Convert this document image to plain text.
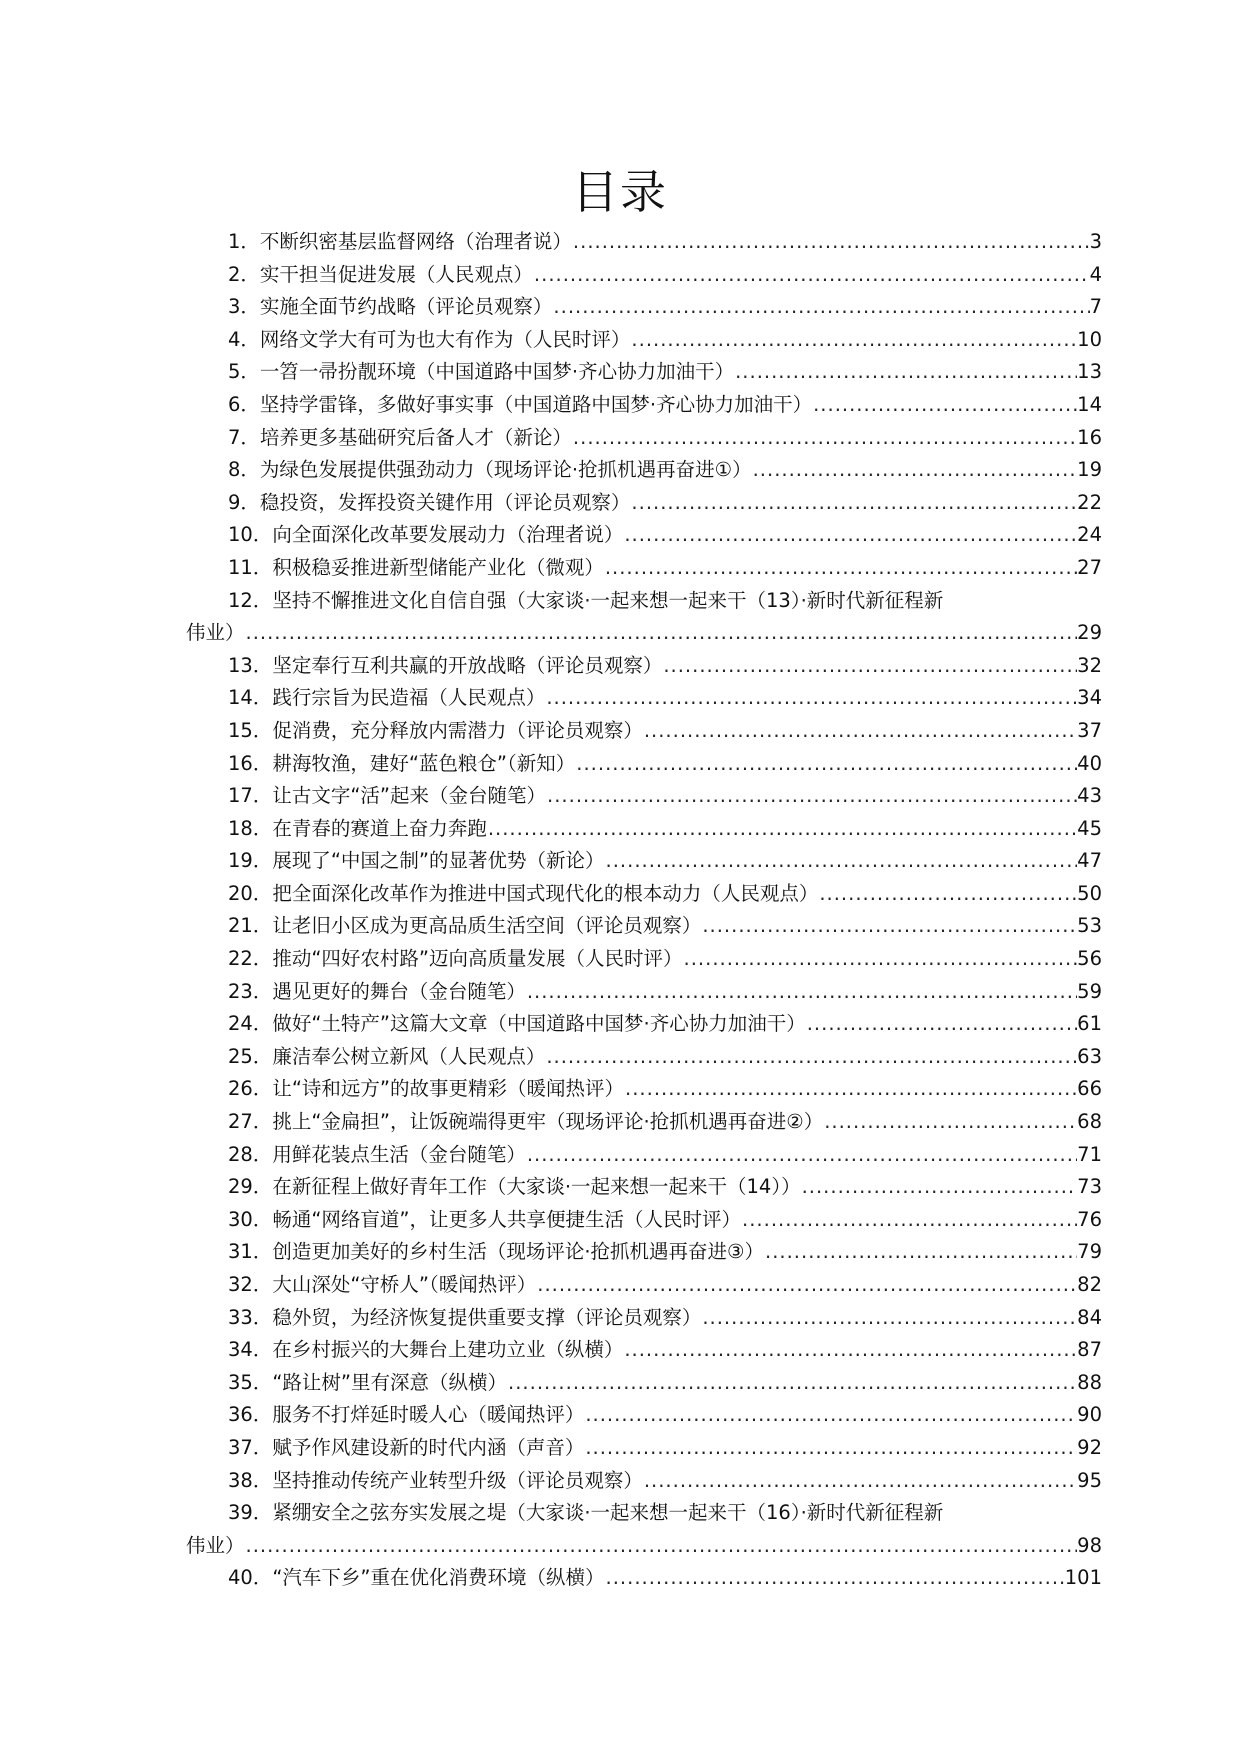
目录
1．不断织密基层监督网络（治理者说） .....	3
2．实干担当促进发展（人民观点） .....	4
3．实施全面节约战略（评论员观察） .....	7
4．网络文学大有可为也大有作为（人民时评） .....	10
5．一笤一帚扮靓环境（中国道路中国梦·齐心协力加油干） .....	13
6．坚持学雷锋，多做好事实事（中国道路中国梦·齐心协力加油干） .....	14
7．培养更多基础研究后备人才（新论） .....	16
8．为绿色发展提供强劲动力（现场评论·抢抓机遇再奋进①） .....	19
9．稳投资，发挥投资关键作用（评论员观察） .....	22
10．向全面深化改革要发展动力（治理者说） .....	24
11．积极稳妥推进新型储能产业化（微观） .....	27
12．坚持不懈推进文化自信自强（大家谈·一起来想一起来干（13）·新时代新征程新
伟业） .....	29
13．坚定奉行互利共赢的开放战略（评论员观察） .....	32
14．践行宗旨为民造福（人民观点） .....	34
15．促消费，充分释放内需潜力（评论员观察） .....	37
16．耕海牧渔，建好“蓝色粮仓”（新知） .....	40
17．让古文字“活”起来（金台随笔） .....	43
18．在青春的赛道上奋力奔跑 .....	45
19．展现了“中国之制”的显著优势（新论） .....	47
20．把全面深化改革作为推进中国式现代化的根本动力（人民观点） .....	50
21．让老旧小区成为更高品质生活空间（评论员观察） .....	53
22．推动“四好农村路”迈向高质量发展（人民时评） .....	56
23．遇见更好的舞台（金台随笔） .....	59
24．做好“土特产”这篇大文章（中国道路中国梦·齐心协力加油干） .....	61
25．廉洁奉公树立新风（人民观点） .....	63
26．让“诗和远方”的故事更精彩（暖闻热评） .....	66
27．挑上“金扁担”，让饭碗端得更牢（现场评论·抢抓机遇再奋进②） .....	68
28．用鲜花装点生活（金台随笔） .....	71
29．在新征程上做好青年工作（大家谈·一起来想一起来干（14）） .....	73
30．畅通“网络盲道”，让更多人共享便捷生活（人民时评） .....	76
31．创造更加美好的乡村生活（现场评论·抢抓机遇再奋进③） .....	79
32．大山深处“守桥人”（暖闻热评） .....	82
33．稳外贸，为经济恢复提供重要支撑（评论员观察） .....	84
34．在乡村振兴的大舞台上建功立业（纵横） .....	87
35．“路让树”里有深意（纵横） .....	88
36．服务不打烊延时暖人心（暖闻热评） .....	90
37．赋予作风建设新的时代内涵（声音） .....	92
38．坚持推动传统产业转型升级（评论员观察） .....	95
39．紧绷安全之弦夯实发展之堤（大家谈·一起来想一起来干（16）·新时代新征程新
伟业） .....	98
40．“汽车下乡”重在优化消费环境（纵横） .....	101
